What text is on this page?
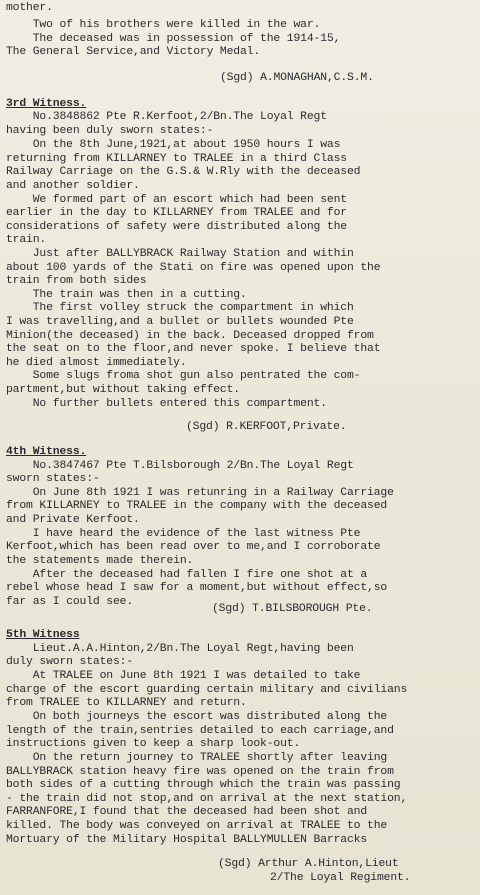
mother.
Two of his brothers were killed in the war.
The deceased was in possession of the 1914-15,
The General Service,and Victory Medal.
(Sgd) A.MONAGHAN,C.S.M.
3rd Witness.
No.3848862 Pte R.Kerfoot,2/Bn.The Loyal Regt
having been duly sworn states:-
On the 8th June,1921,at about 1950 hours I was
returning from KILLARNEY to TRALEE in a third Class
Railway Carriage on the G.S.& W.Rly with the deceased
and another soldier.
We formed part of an escort which had been sent
earlier in the day to KILLARNEY from TRALEE and for
considerations of safety were distributed along the
train.
Just after BALLYBRACK Railway Station and within
about 100 yards of the Stati on fire was opened upon the
train from both sides
The train was then in a cutting.
The first volley struck the compartment in which
I was travelling,and a bullet or bullets wounded Pte
Minion(the deceased) in the back. Deceased dropped from
the seat on to the floor,and never spoke. I believe that
he died almost immediately.
Some slugs froma shot gun also pentrated the com-
partment,but without taking effect.
No further bullets entered this compartment.
(Sgd) R.KERFOOT,Private.
4th Witness.
No.3847467 Pte T.Bilsborough 2/Bn.The Loyal Regt
sworn states:-
On June 8th 1921 I was retunring in a Railway Carriage
from KILLARNEY to TRALEE in the company with the deceased
and Private Kerfoot.
I have heard the evidence of the last witness Pte
Kerfoot,which has been read over to me,and I corroborate
the statements made therein.
After the deceased had fallen I fire one shot at a
rebel whose head I saw for a moment,but without effect,so
far as I could see.
(Sgd) T.BILSBOROUGH Pte.
5th Witness
Lieut.A.A.Hinton,2/Bn.The Loyal Regt,having been
duly sworn states:-
At TRALEE on June 8th 1921 I was detailed to take
charge of the escort guarding certain military and civilians
from TRALEE to KILLARNEY and return.
On both journeys the escort was distributed along the
length of the train,sentries detailed to each carriage,and
instructions given to keep a sharp look-out.
On the return journey to TRALEE shortly after leaving
BALLYBRACK station heavy fire was opened on the train from
both sides of a cutting through which the train was passing
- the train did not stop,and on arrival at the next station,
FARRANFORE,I found that the deceased had been shot and
killed. The body was conveyed on arrival at TRALEE to the
Mortuary of the Military Hospital BALLYMULLEN Barracks
(Sgd) Arthur A.Hinton,Lieut
2/The Loyal Regiment.
